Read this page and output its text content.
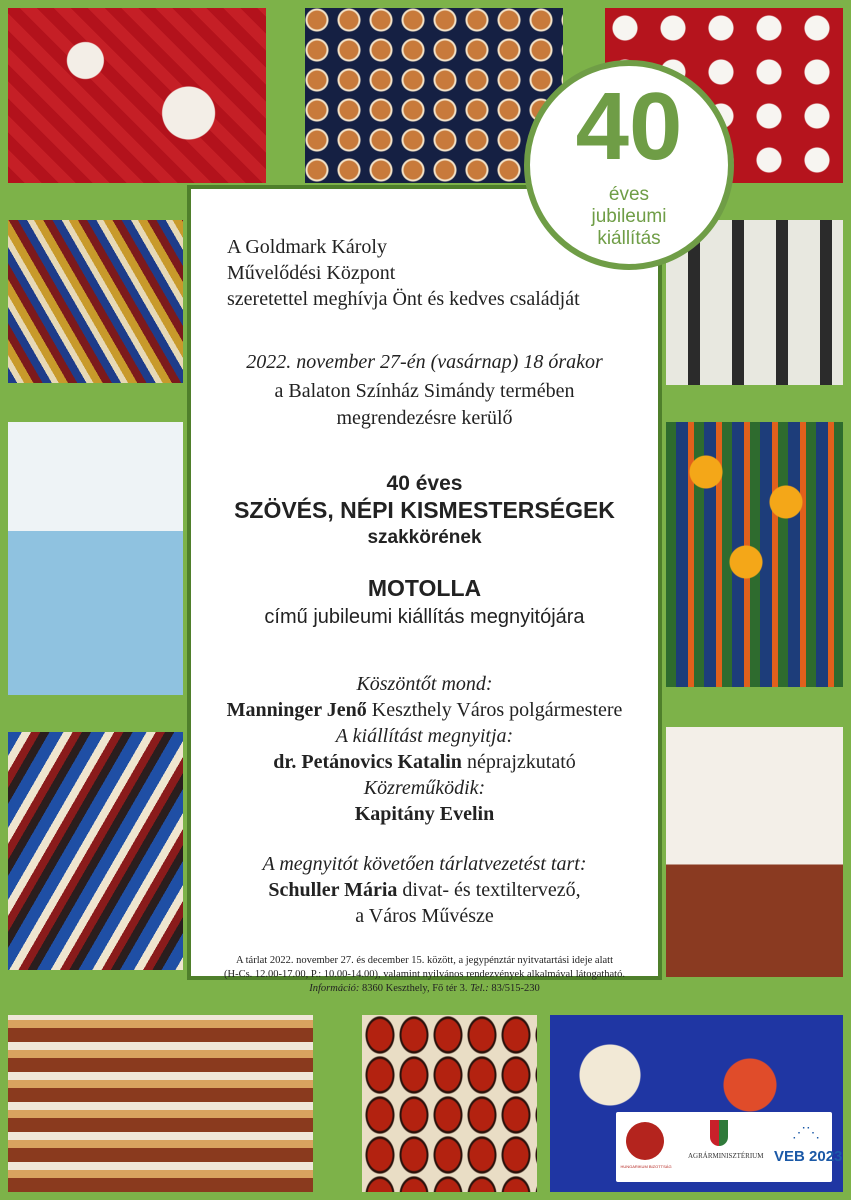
A Goldmark Károly
Művelődési Központ
szeretettel meghívja Önt és kedves családját
2022. november 27-én (vasárnap) 18 órakor
a Balaton Színház Simándy termében
megrendezésre kerülő
40 éves
SZÖVÉS, NÉPI KISMESTERSÉGEK
szakkörének
MOTOLLA
című jubileumi kiállítás megnyitójára
Köszöntőt mond:
Manninger Jenő Keszthely Város polgármestere
A kiállítást megnyitja:
dr. Petánovics Katalin néprajzkutató
Közreműködik:
Kapitány Evelin
A megnyitót követően tárlatvezetést tart:
Schuller Mária divat- és textiltervező,
a Város Művésze
A tárlat 2022. november 27. és december 15. között, a jegypénztár nyitvatartási ideje alatt
(H-Cs. 12.00-17.00, P.: 10.00-14.00), valamint nyilvános rendezvények alkalmával látogatható.
Információ: 8360 Keszthely, Fő tér 3. Tel.: 83/515-230
40
éves
jubileumi
kiállítás
HUNGARIKUM BIZOTTSÁG
AGRÁRMINISZTÉRIUM
⋰⋱
VEB 2023
